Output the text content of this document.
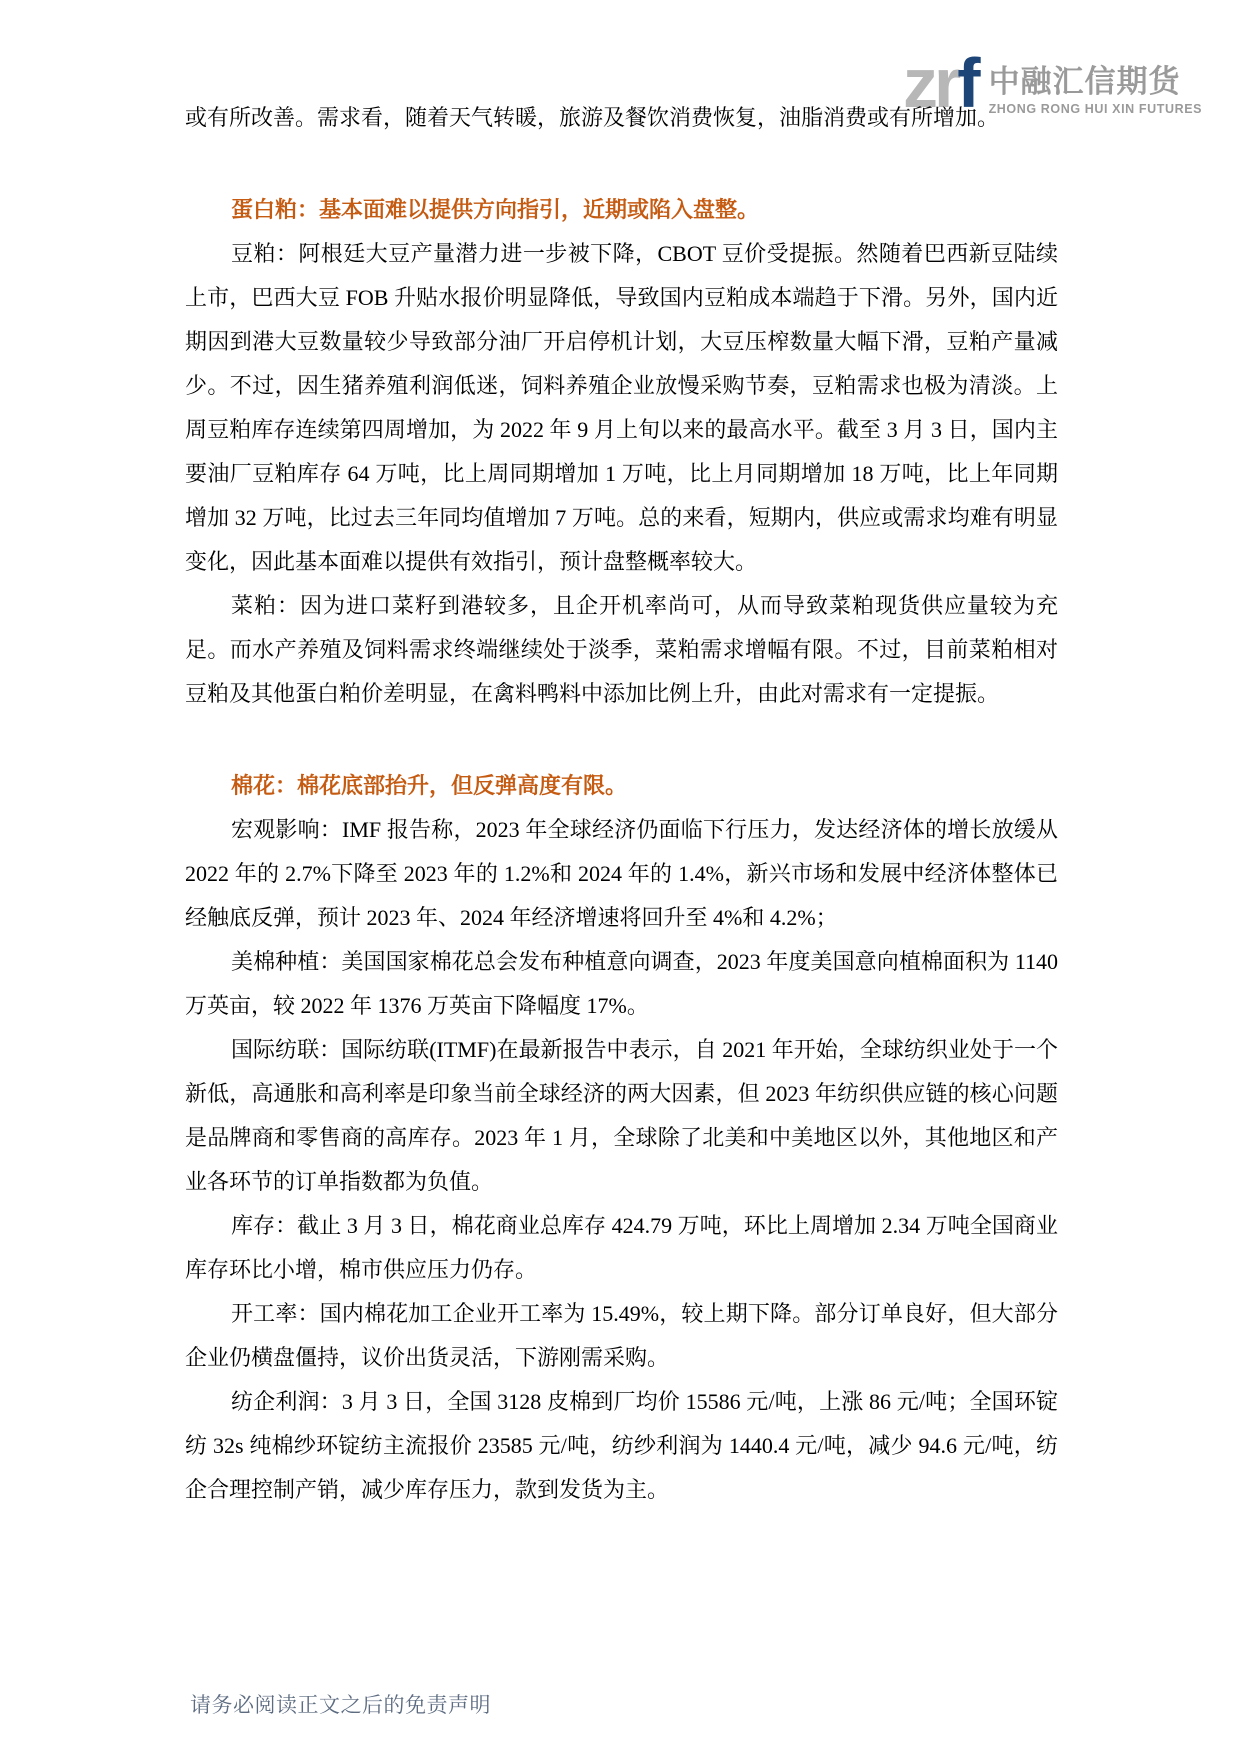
zrf 中融汇信期货
ZHONG RONG HUI XIN FUTURES

或有所改善。需求看，随着天气转暖，旅游及餐饮消费恢复，油脂消费或有所增加。

蛋白粕：基本面难以提供方向指引，近期或陷入盘整。

豆粕：阿根廷大豆产量潜力进一步被下降，CBOT 豆价受提振。然随着巴西新豆陆续上市，巴西大豆 FOB 升贴水报价明显降低，导致国内豆粕成本端趋于下滑。另外，国内近期因到港大豆数量较少导致部分油厂开启停机计划，大豆压榨数量大幅下滑，豆粕产量减少。不过，因生猪养殖利润低迷，饲料养殖企业放慢采购节奏，豆粕需求也极为清淡。上周豆粕库存连续第四周增加，为 2022 年 9 月上旬以来的最高水平。截至 3 月 3 日，国内主要油厂豆粕库存 64 万吨，比上周同期增加 1 万吨，比上月同期增加 18 万吨，比上年同期增加 32 万吨，比过去三年同均值增加 7 万吨。总的来看，短期内，供应或需求均难有明显变化，因此基本面难以提供有效指引，预计盘整概率较大。

菜粕：因为进口菜籽到港较多，且企开机率尚可，从而导致菜粕现货供应量较为充足。而水产养殖及饲料需求终端继续处于淡季，菜粕需求增幅有限。不过，目前菜粕相对豆粕及其他蛋白粕价差明显，在禽料鸭料中添加比例上升，由此对需求有一定提振。

棉花：棉花底部抬升，但反弹高度有限。

宏观影响：IMF 报告称，2023 年全球经济仍面临下行压力，发达经济体的增长放缓从 2022 年的 2.7%下降至 2023 年的 1.2%和 2024 年的 1.4%，新兴市场和发展中经济体整体已经触底反弹，预计 2023 年、2024 年经济增速将回升至 4%和 4.2%；

美棉种植：美国国家棉花总会发布种植意向调查，2023 年度美国意向植棉面积为 1140 万英亩，较 2022 年 1376 万英亩下降幅度 17%。

国际纺联：国际纺联(ITMF)在最新报告中表示，自 2021 年开始，全球纺织业处于一个新低，高通胀和高利率是印象当前全球经济的两大因素，但 2023 年纺织供应链的核心问题是品牌商和零售商的高库存。2023 年 1 月，全球除了北美和中美地区以外，其他地区和产业各环节的订单指数都为负值。

库存：截止 3 月 3 日，棉花商业总库存 424.79 万吨，环比上周增加 2.34 万吨全国商业库存环比小增，棉市供应压力仍存。

开工率：国内棉花加工企业开工率为 15.49%，较上期下降。部分订单良好，但大部分企业仍横盘僵持，议价出货灵活，下游刚需采购。

纺企利润：3 月 3 日，全国 3128 皮棉到厂均价 15586 元/吨，上涨 86 元/吨；全国环锭纺 32s 纯棉纱环锭纺主流报价 23585 元/吨，纺纱利润为 1440.4 元/吨，减少 94.6 元/吨，纺企合理控制产销，减少库存压力，款到发货为主。

请务必阅读正文之后的免责声明
